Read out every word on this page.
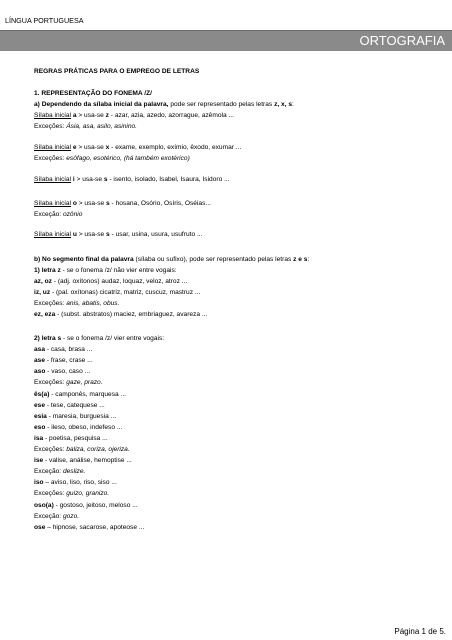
LÍNGUA PORTUGUESA
ORTOGRAFIA

REGRAS PRÁTICAS PARA O EMPREGO DE LETRAS

1. REPRESENTAÇÃO DO FONEMA /Z/

a) Dependendo da sílaba inicial da palavra, pode ser representado pelas letras z, x, s:

Sílaba inicial a > usa-se z - azar, azia, azedo, azorrague, azêmola ...

Exceções: Ásia, asa, asilo, asinino.

Sílaba inicial e > usa-se x - exame, exemplo, exímio, êxodo, exumar ...

Exceções: esôfago, esotérico, (há também exotérico)

Sílaba inicial i > usa-se s - isento, isolado, Isabel, Isaura, Isidoro ...

Sílaba inicial o > usa-se s - hosana, Osório, Osíris, Oséias...

Exceção: ozônio

Sílaba inicial u > usa-se s - usar, usina, usura, usufruto ...

b) No segmento final da palavra (sílaba ou sufixo), pode ser representado pelas letras z e s:

1) letra z - se o fonema /z/ não vier entre vogais:

az, oz - (adj. oxítonos) audaz, loquaz, veloz, atroz ...

iz, uz - (pal. oxítonas) cicatriz, matriz, cuscuz, mastruz ...

Exceções: anis, abatis, obus.

ez, eza - (subst. abstratos) maciez, embriaguez, avareza ...

2) letra s - se o fonema /z/ vier entre vogais:

asa - casa, brasa ...

ase - frase, crase ...

aso - vaso, caso ...

Exceções: gaze, prazo.

ês(a) - camponês, marquesa ...

ese - tese, catequese ...

esia - maresia, burguesia ...

eso - ileso, obeso, indefeso ...

isa - poetisa, pesquisa ...

Exceções: baliza, coriza, ojeriza.

ise - valise, análise, hemoptise ...

Exceção: deslize.

iso – aviso, liso, riso, siso ...

Exceções: guizo, granizo.

oso(a) - gostoso, jeitoso, meloso ...

Exceção: gozo.

ose – hipnose, sacarose, apoteose ...

Página 1 de 5.
